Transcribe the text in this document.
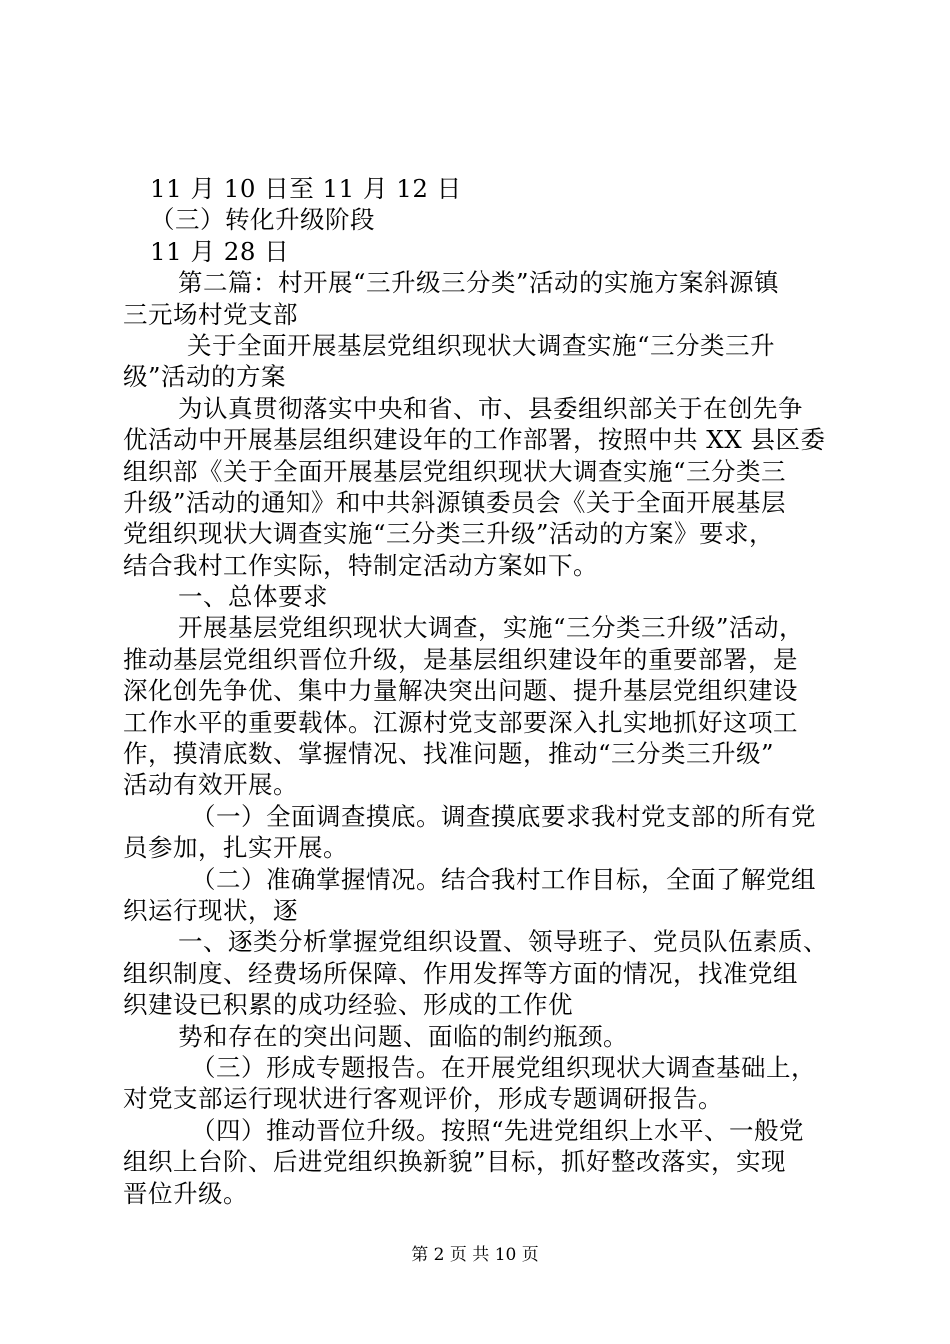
11 月 10 日至 11 月 12 日
（三）转化升级阶段
11 月 28 日
第二篇：村开展“三升级三分类”活动的实施方案斜源镇
三元场村党支部
关于全面开展基层党组织现状大调查实施“三分类三升
级”活动的方案
为认真贯彻落实中央和省、市、县委组织部关于在创先争
优活动中开展基层组织建设年的工作部署，按照中共 XX 县区委
组织部《关于全面开展基层党组织现状大调查实施“三分类三
升级”活动的通知》和中共斜源镇委员会《关于全面开展基层
党组织现状大调查实施“三分类三升级”活动的方案》要求，
结合我村工作实际，特制定活动方案如下。
一、总体要求
开展基层党组织现状大调查，实施“三分类三升级”活动，
推动基层党组织晋位升级，是基层组织建设年的重要部署，是
深化创先争优、集中力量解决突出问题、提升基层党组织建设
工作水平的重要载体。江源村党支部要深入扎实地抓好这项工
作，摸清底数、掌握情况、找准问题，推动“三分类三升级”
活动有效开展。
（一）全面调查摸底。调查摸底要求我村党支部的所有党
员参加，扎实开展。
（二）准确掌握情况。结合我村工作目标，全面了解党组
织运行现状，逐
一、逐类分析掌握党组织设置、领导班子、党员队伍素质、
组织制度、经费场所保障、作用发挥等方面的情况，找准党组
织建设已积累的成功经验、形成的工作优
势和存在的突出问题、面临的制约瓶颈。
（三）形成专题报告。在开展党组织现状大调查基础上，
对党支部运行现状进行客观评价，形成专题调研报告。
（四）推动晋位升级。按照“先进党组织上水平、一般党
组织上台阶、后进党组织换新貌”目标，抓好整改落实，实现
晋位升级。
第 2 页 共 10 页
